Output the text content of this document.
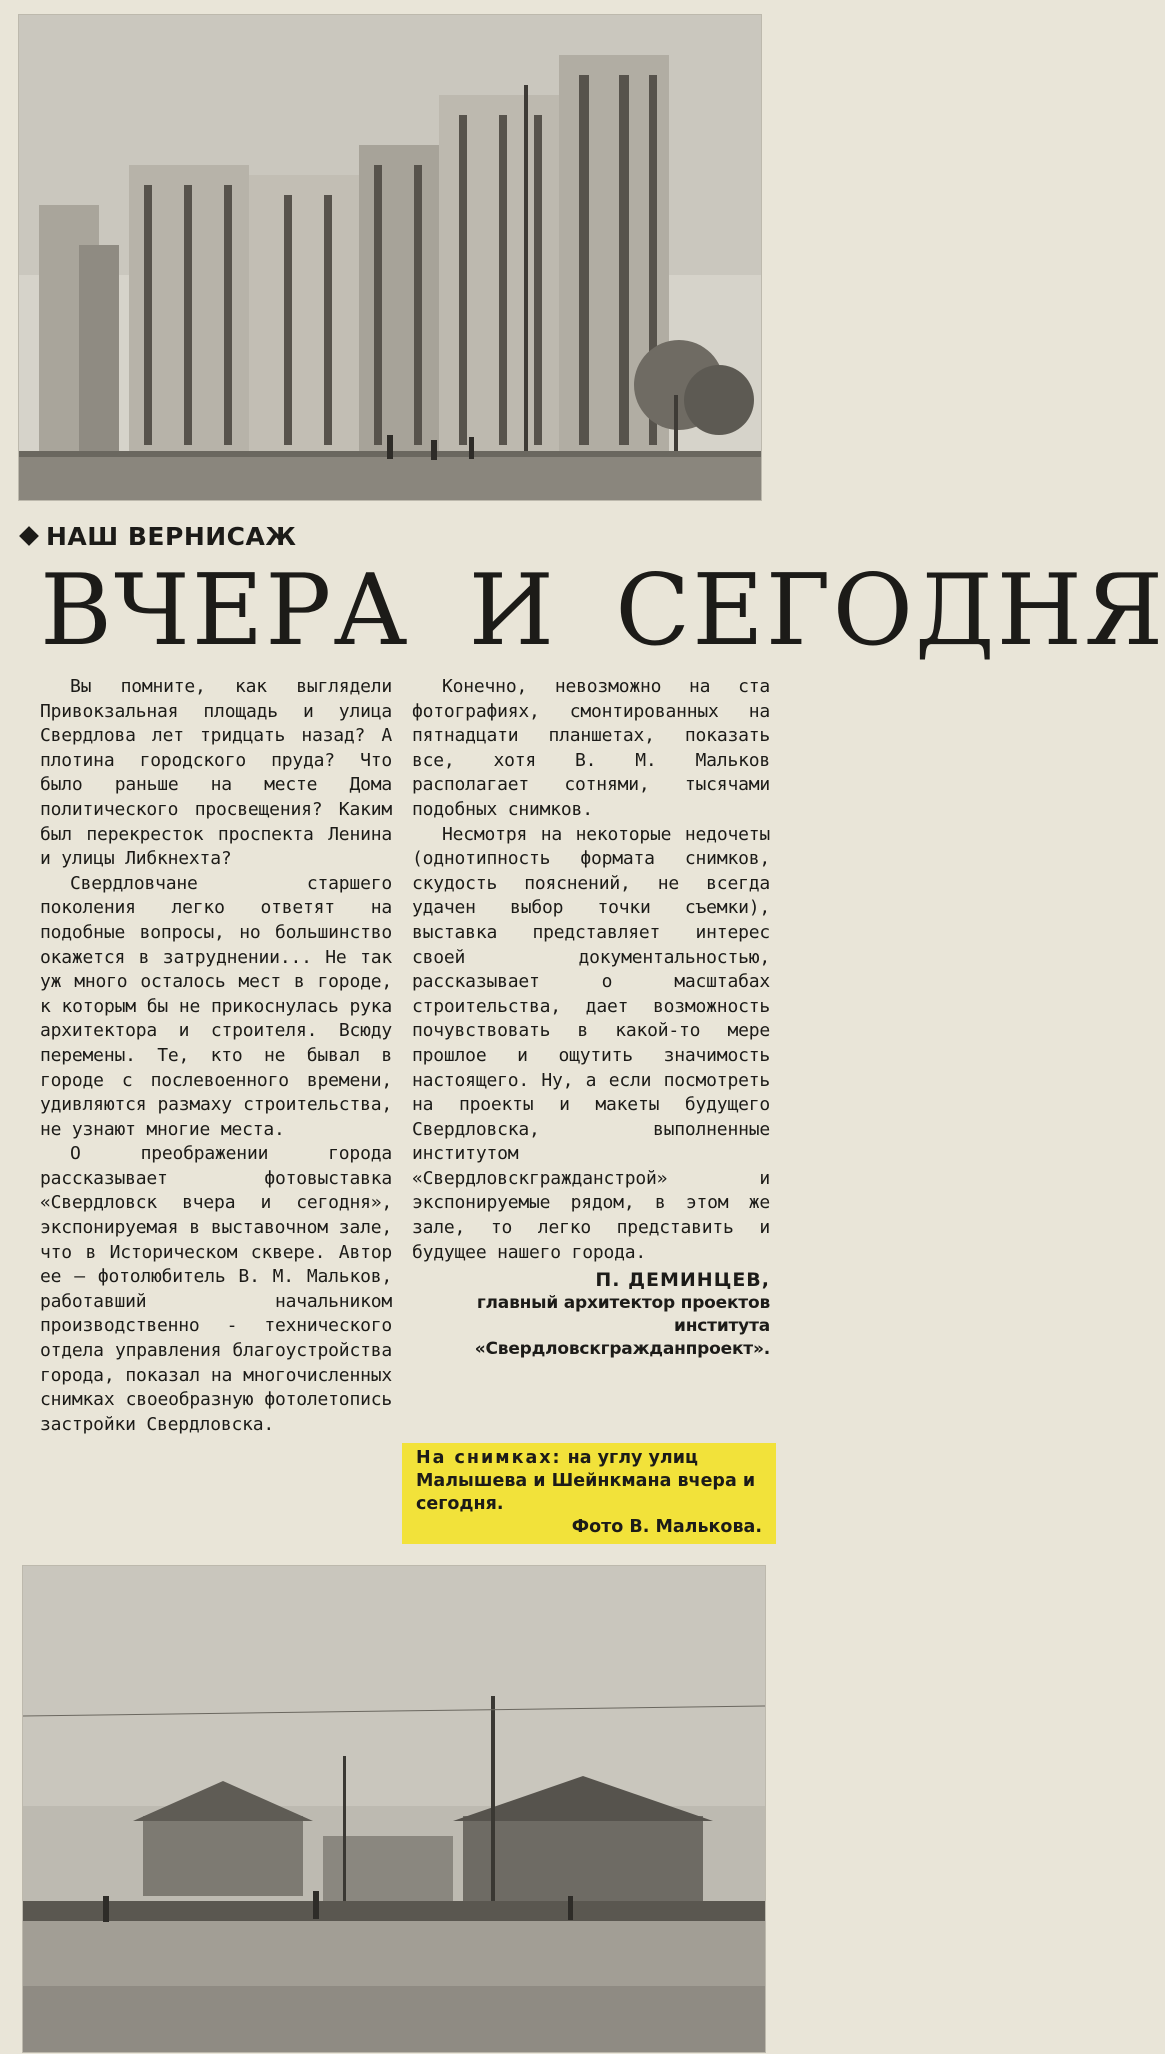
НАШ ВЕРНИСАЖ
ВЧЕРА И СЕГОДНЯ

Вы помните, как выглядели Привокзальная площадь и улица Свердлова лет тридцать назад? А плотина городского пруда? Что было раньше на месте Дома политического просвещения? Каким был перекресток проспекта Ленина и улицы Либкнехта?

Свердловчане старшего поколения легко ответят на подобные вопросы, но большинство окажется в затруднении... Не так уж много осталось мест в городе, к которым бы не прикоснулась рука архитектора и строителя. Всюду перемены. Те, кто не бывал в городе с послевоенного времени, удивляются размаху строительства, не узнают многие места.

О преображении города рассказывает фотовыставка «Свердловск вчера и сегодня», экспонируемая в выставочном зале, что в Историческом сквере. Автор ее — фотолюбитель В. М. Мальков, работавший начальником производственно - технического отдела управления благоустройства города, показал на многочисленных снимках своеобразную фотолетопись застройки Свердловска.

Конечно, невозможно на ста фотографиях, смонтированных на пятнадцати планшетах, показать все, хотя В. М. Мальков располагает сотнями, тысячами подобных снимков.

Несмотря на некоторые недочеты (однотипность формата снимков, скудость пояснений, не всегда удачен выбор точки съемки), выставка представляет интерес своей документальностью, рассказывает о масштабах строительства, дает возможность почувствовать в какой-то мере прошлое и ощутить значимость настоящего. Ну, а если посмотреть на проекты и макеты будущего Свердловска, выполненные институтом «Свердловскгражданстрой» и экспонируемые рядом, в этом же зале, то легко представить и будущее нашего города.

П. ДЕМИНЦЕВ,
главный архитектор проектов института «Свердловскгражданпроект».
На снимках: на углу улиц Малышева и Шейнкмана вчера и сегодня.
Фото В. Малькова.
